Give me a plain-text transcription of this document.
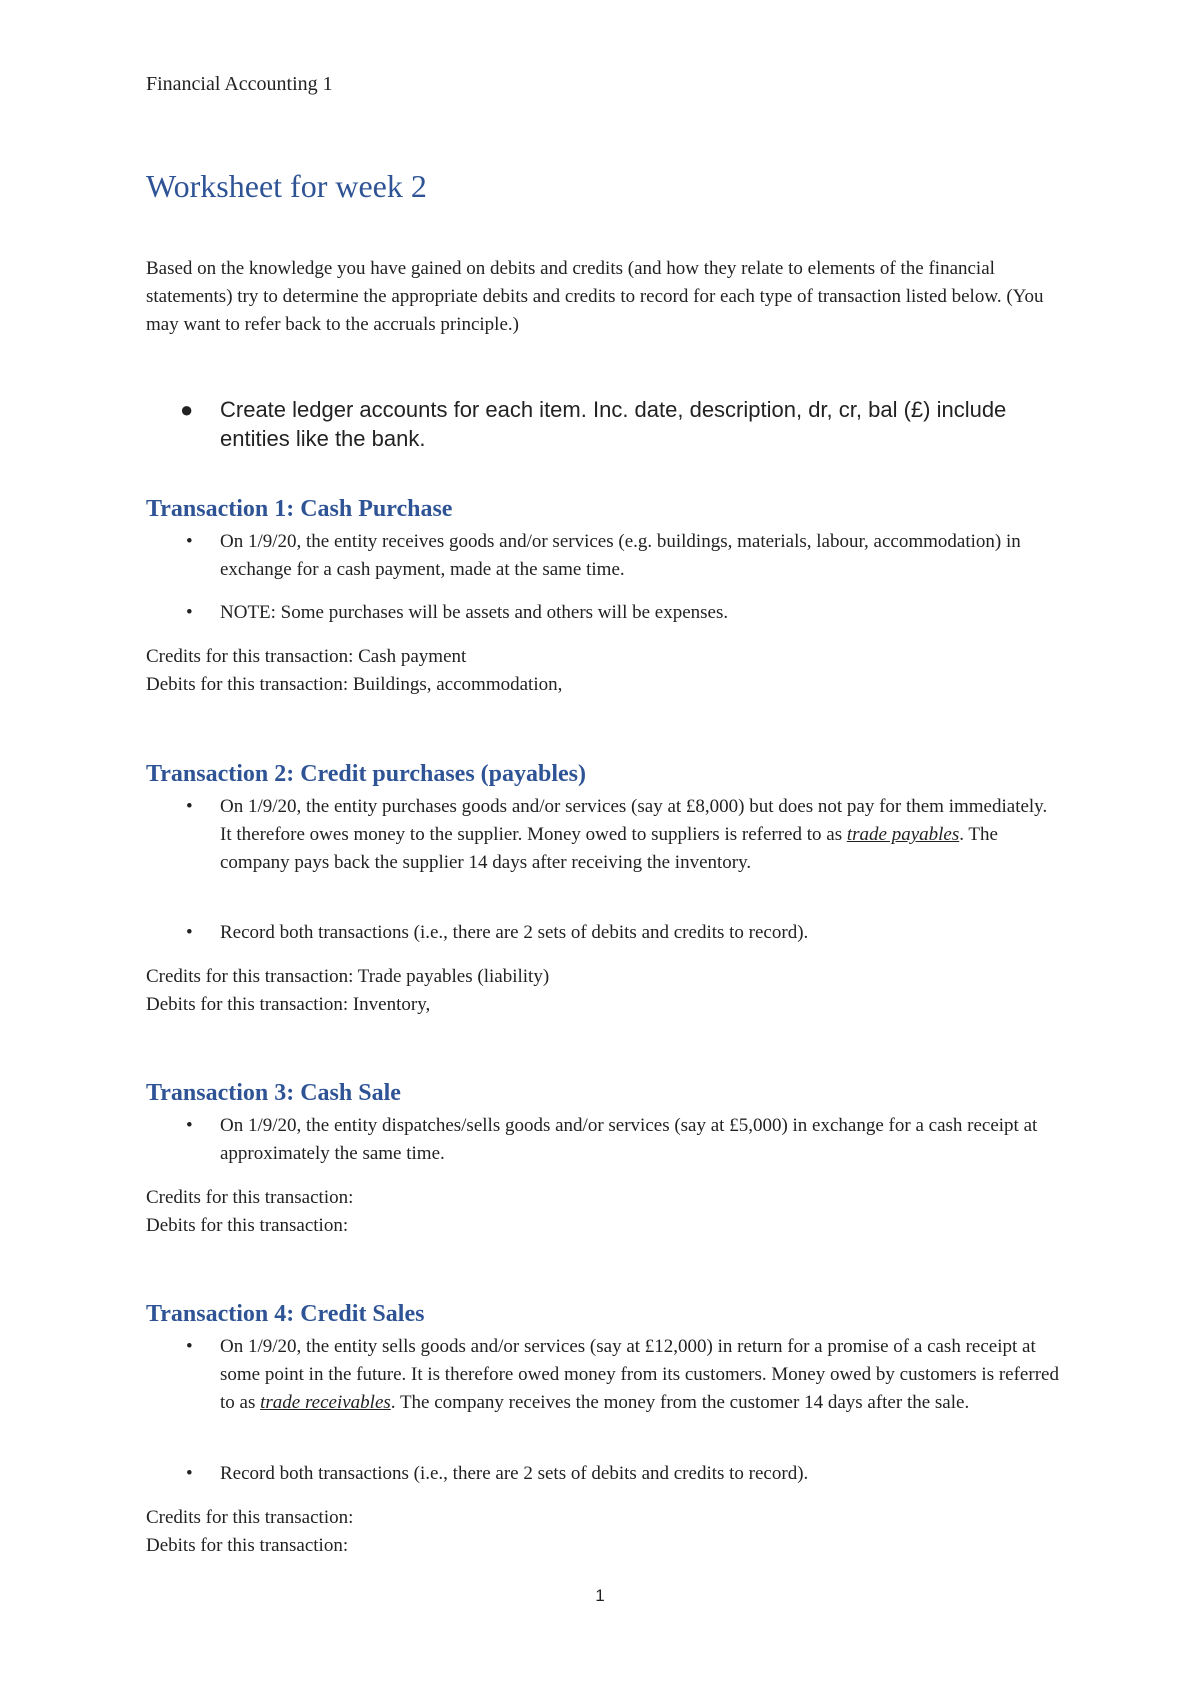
Financial Accounting 1
Worksheet for week 2

Based on the knowledge you have gained on debits and credits (and how they relate to elements of the financial statements) try to determine the appropriate debits and credits to record for each type of transaction listed below. (You may want to refer back to the accruals principle.)

● Create ledger accounts for each item. Inc. date, description, dr, cr, bal (£) include entities like the bank.
Transaction 1: Cash Purchase
• On 1/9/20, the entity receives goods and/or services (e.g. buildings, materials, labour, accommodation) in exchange for a cash payment, made at the same time.
• NOTE: Some purchases will be assets and others will be expenses.
Credits for this transaction: Cash payment
Debits for this transaction: Buildings, accommodation,
Transaction 2: Credit purchases (payables)
• On 1/9/20, the entity purchases goods and/or services (say at £8,000) but does not pay for them immediately. It therefore owes money to the supplier. Money owed to suppliers is referred to as trade payables. The company pays back the supplier 14 days after receiving the inventory.
• Record both transactions (i.e., there are 2 sets of debits and credits to record).
Credits for this transaction: Trade payables (liability)
Debits for this transaction: Inventory,
Transaction 3: Cash Sale
• On 1/9/20, the entity dispatches/sells goods and/or services (say at £5,000) in exchange for a cash receipt at approximately the same time.
Credits for this transaction:
Debits for this transaction:
Transaction 4: Credit Sales
• On 1/9/20, the entity sells goods and/or services (say at £12,000) in return for a promise of a cash receipt at some point in the future. It is therefore owed money from its customers. Money owed by customers is referred to as trade receivables. The company receives the money from the customer 14 days after the sale.
• Record both transactions (i.e., there are 2 sets of debits and credits to record).
Credits for this transaction:
Debits for this transaction:
1
